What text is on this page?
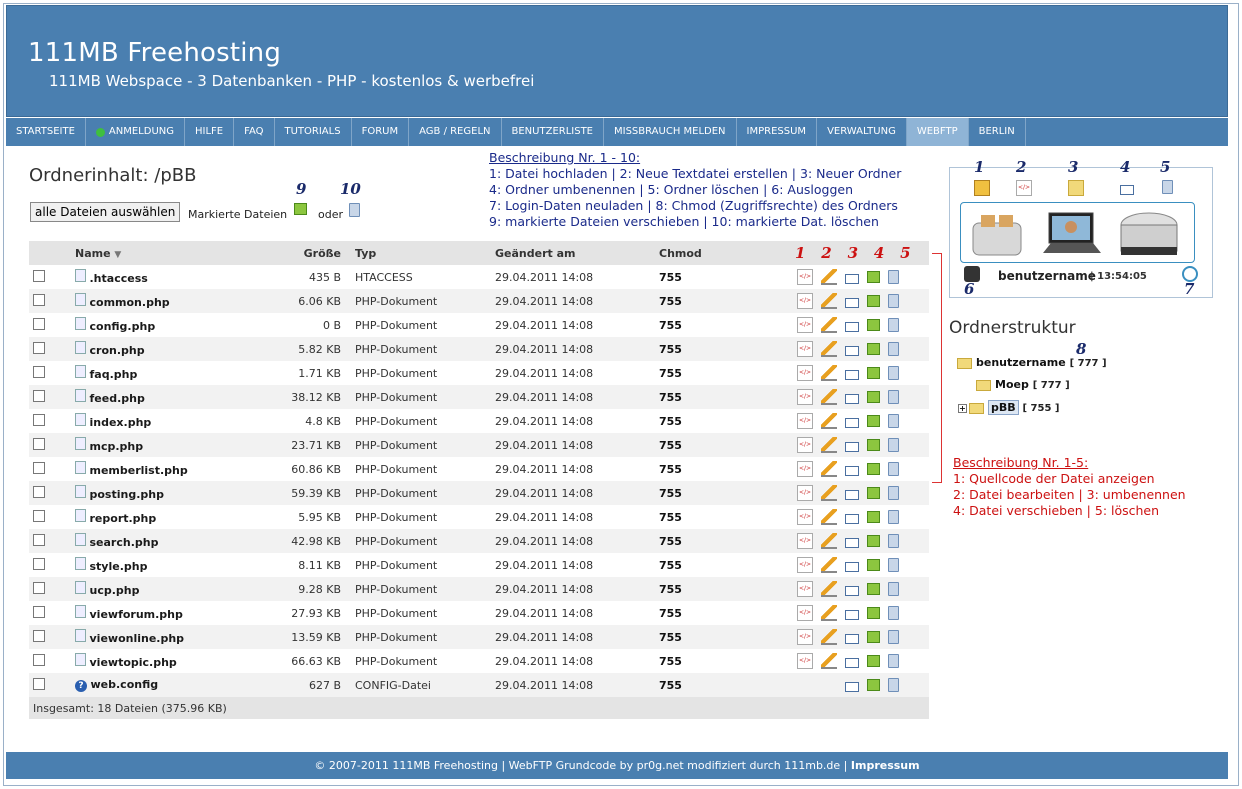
111MB Freehosting
111MB Webspace - 3 Datenbanken - PHP - kostenlos & werbefrei
STARTSEITE	ANMELDUNG HILFE FAQ TUTORIALS FORUM AGB / REGELN BENUTZERLISTE MISSBRAUCH MELDEN IMPRESSUM VERWALTUNG WEBFTP BERLIN
Ordnerinhalt: /pBB
9 10
alle Dateien auswählen	Markierte Dateien	oder
Beschreibung Nr. 1 - 10:
1: Datei hochladen | 2: Neue Textdatei erstellen | 3: Neuer Ordner
4: Ordner umbenennen | 5: Ordner löschen | 6: Ausloggen
7: Login-Daten neuladen | 8: Chmod (Zugriffsrechte) des Ordners
9: markierte Dateien verschieben | 10: markierte Dat. löschen
	Name ▼	Größe	Typ	Geändert am	Chmod	1 2 3 4 5
	.htaccess	435 B	HTACCESS	29.04.2011 14:08	755	</>
	common.php	6.06 KB	PHP-Dokument	29.04.2011 14:08	755	</>
	config.php	0 B	PHP-Dokument	29.04.2011 14:08	755	</>
	cron.php	5.82 KB	PHP-Dokument	29.04.2011 14:08	755	</>
	faq.php	1.71 KB	PHP-Dokument	29.04.2011 14:08	755	</>
	feed.php	38.12 KB	PHP-Dokument	29.04.2011 14:08	755	</>
	index.php	4.8 KB	PHP-Dokument	29.04.2011 14:08	755	</>
	mcp.php	23.71 KB	PHP-Dokument	29.04.2011 14:08	755	</>
	memberlist.php	60.86 KB	PHP-Dokument	29.04.2011 14:08	755	</>
	posting.php	59.39 KB	PHP-Dokument	29.04.2011 14:08	755	</>
	report.php	5.95 KB	PHP-Dokument	29.04.2011 14:08	755	</>
	search.php	42.98 KB	PHP-Dokument	29.04.2011 14:08	755	</>
	style.php	8.11 KB	PHP-Dokument	29.04.2011 14:08	755	</>
	ucp.php	9.28 KB	PHP-Dokument	29.04.2011 14:08	755	</>
	viewforum.php	27.93 KB	PHP-Dokument	29.04.2011 14:08	755	</>
	viewonline.php	13.59 KB	PHP-Dokument	29.04.2011 14:08	755	</>
	viewtopic.php	66.63 KB	PHP-Dokument	29.04.2011 14:08	755	</>
	? web.config	627 B	CONFIG-Datei	29.04.2011 14:08	755	
Insgesamt: 18 Dateien (375.96 KB)
1 2	3	4 5
</>
6
benutzername
| 13:54:05
7
Ordnerstruktur
8
benutzername [ 777 ]
Moep [ 777 ]
+ pBB [ 755 ]
Beschreibung Nr. 1-5:
1: Quellcode der Datei anzeigen
2: Datei bearbeiten | 3: umbenennen
4: Datei verschieben | 5: löschen
© 2007-2011 111MB Freehosting | WebFTP Grundcode by pr0g.net modifiziert durch 111mb.de | Impressum
